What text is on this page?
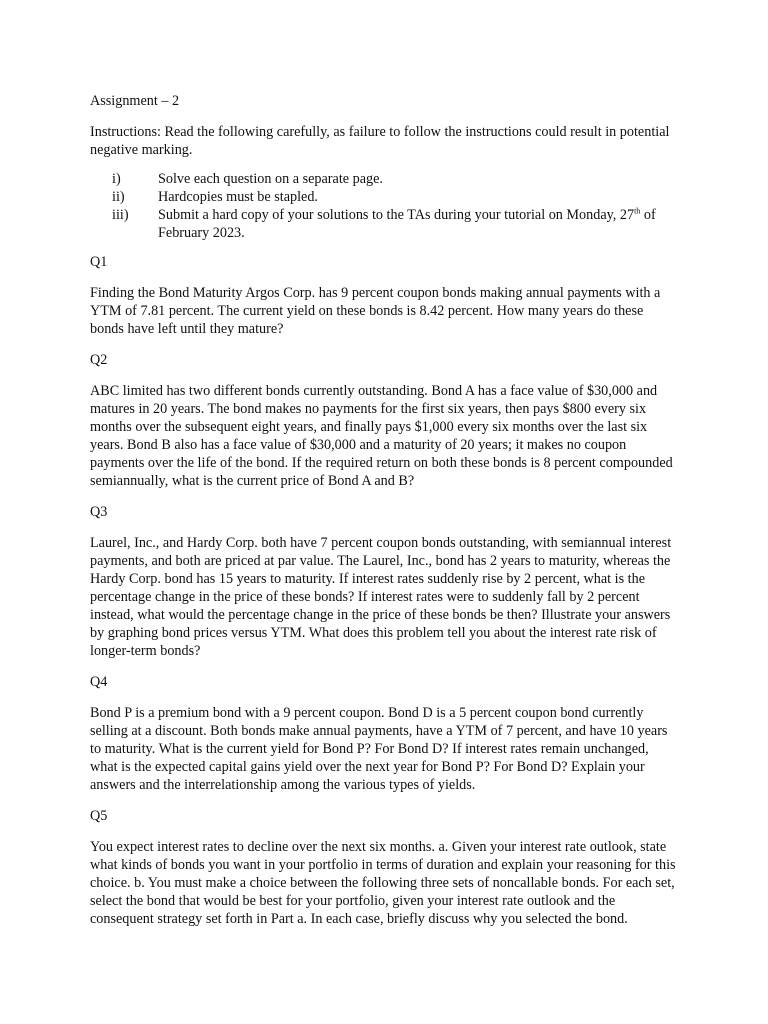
Assignment – 2

Instructions: Read the following carefully, as failure to follow the instructions could result in potential negative marking.

i)	Solve each question on a separate page.
ii)	Hardcopies must be stapled.
iii)	Submit a hard copy of your solutions to the TAs during your tutorial on Monday, 27th of February 2023.

Q1

Finding the Bond Maturity Argos Corp. has 9 percent coupon bonds making annual payments with a YTM of 7.81 percent. The current yield on these bonds is 8.42 percent. How many years do these bonds have left until they mature?

Q2

ABC limited has two different bonds currently outstanding. Bond A has a face value of $30,000 and matures in 20 years. The bond makes no payments for the first six years, then pays $800 every six months over the subsequent eight years, and finally pays $1,000 every six months over the last six years. Bond B also has a face value of $30,000 and a maturity of 20 years; it makes no coupon payments over the life of the bond. If the required return on both these bonds is 8 percent compounded semiannually, what is the current price of Bond A and B?

Q3

Laurel, Inc., and Hardy Corp. both have 7 percent coupon bonds outstanding, with semiannual interest payments, and both are priced at par value. The Laurel, Inc., bond has 2 years to maturity, whereas the Hardy Corp. bond has 15 years to maturity. If interest rates suddenly rise by 2 percent, what is the percentage change in the price of these bonds? If interest rates were to suddenly fall by 2 percent instead, what would the percentage change in the price of these bonds be then? Illustrate your answers by graphing bond prices versus YTM. What does this problem tell you about the interest rate risk of longer-term bonds?

Q4

Bond P is a premium bond with a 9 percent coupon. Bond D is a 5 percent coupon bond currently selling at a discount. Both bonds make annual payments, have a YTM of 7 percent, and have 10 years to maturity. What is the current yield for Bond P? For Bond D? If interest rates remain unchanged, what is the expected capital gains yield over the next year for Bond P? For Bond D? Explain your answers and the interrelationship among the various types of yields.

Q5

You expect interest rates to decline over the next six months. a. Given your interest rate outlook, state what kinds of bonds you want in your portfolio in terms of duration and explain your reasoning for this choice. b. You must make a choice between the following three sets of noncallable bonds. For each set, select the bond that would be best for your portfolio, given your interest rate outlook and the consequent strategy set forth in Part a. In each case, briefly discuss why you selected the bond.
